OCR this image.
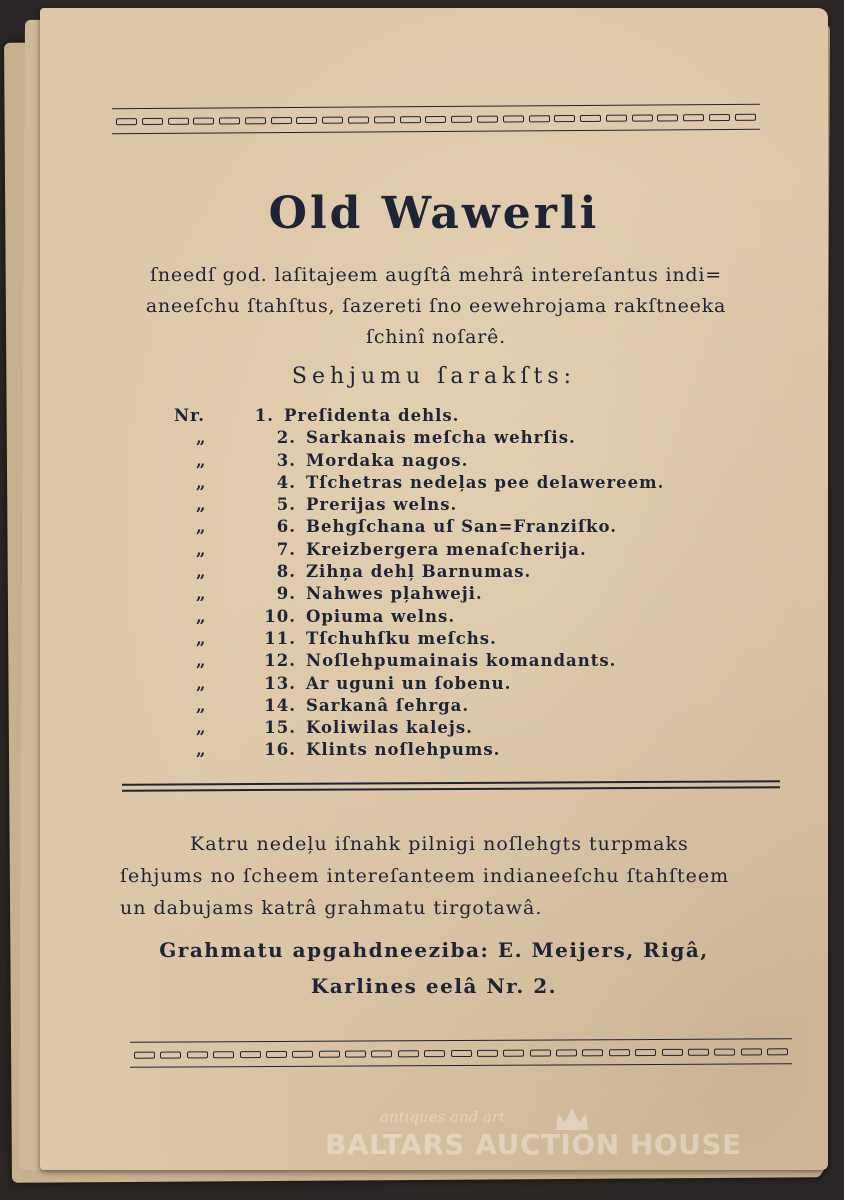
Old Wawerli
ſneedſ god. laſitajeem augſtâ mehrâ intereſantus indi=
aneeſchu ſtahſtus, ſazereti ſno eewehrojama rakſtneeka
ſchinî noſarê.
Sehjumu ſarakſts:
Nr.	1. Preſidenta dehls.
„	2. Sarkanais meſcha wehrſis.
„	3. Mordaka nagos.
„	4. Tſchetras nedeļas pee delawereem.
„	5. Prerijas welns.
„	6. Behgſchana uſ San=Franziſko.
„	7. Kreizbergera menaſcherija.
„	8. Zihņa dehļ Barnumas.
„	9. Nahwes pļahweji.
„	10. Opiuma welns.
„	11. Tſchuhſku meſchs.
„	12. Noſlehpumainais komandants.
„	13. Ar uguni un ſobenu.
„	14. Sarkanâ ſehrga.
„	15. Koliwilas kalejs.
„	16. Klints noſlehpums.
Katru nedeļu iſnahk pilnigi noſlehgts turpmaks
ſehjums no ſcheem intereſanteem indianeeſchu ſtahſteem
un dabujams katrâ grahmatu tirgotawâ.
Grahmatu apgahdneeziba: E. Meijers, Rigâ,
Karlines eelâ Nr. 2.
antiques and art
BALTARS AUCTION HOUSE
